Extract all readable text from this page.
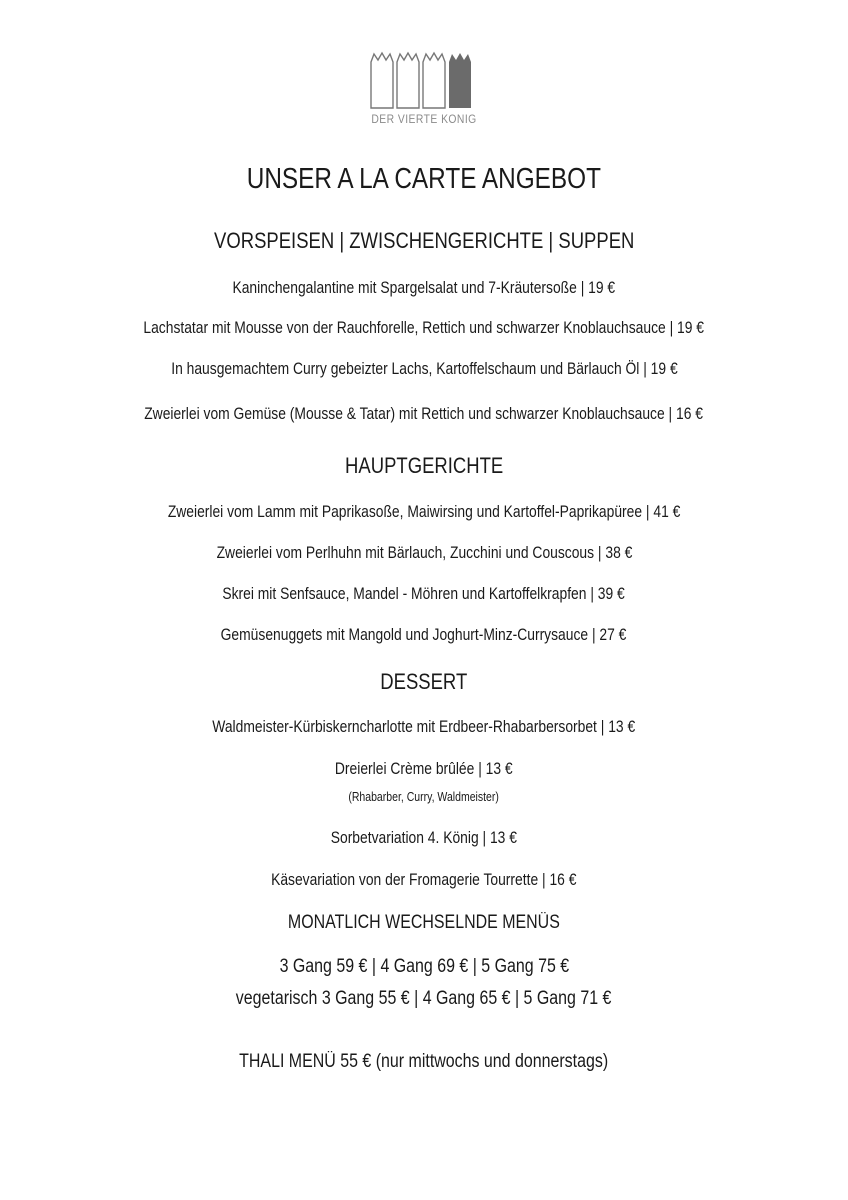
DER VIERTE KÖNIG
UNSER A LA CARTE ANGEBOT
VORSPEISEN | ZWISCHENGERICHTE | SUPPEN
Kaninchengalantine mit Spargelsalat und 7-Kräutersoße | 19 €
Lachstatar mit Mousse von der Rauchforelle, Rettich und schwarzer Knoblauchsauce | 19 €
In hausgemachtem Curry gebeizter Lachs, Kartoffelschaum und Bärlauch Öl | 19 €
Zweierlei vom Gemüse (Mousse & Tatar) mit Rettich und schwarzer Knoblauchsauce | 16 €
HAUPTGERICHTE
Zweierlei vom Lamm mit Paprikasoße, Maiwirsing und Kartoffel-Paprikapüree | 41 €
Zweierlei vom Perlhuhn mit Bärlauch, Zucchini und Couscous | 38 €
Skrei mit Senfsauce, Mandel - Möhren und Kartoffelkrapfen | 39 €
Gemüsenuggets mit Mangold und Joghurt-Minz-Currysauce | 27 €
DESSERT
Waldmeister-Kürbiskerncharlotte mit Erdbeer-Rhabarbersorbet | 13 €
Dreierlei Crème brûlée | 13 €
(Rhabarber, Curry, Waldmeister)
Sorbetvariation 4. König | 13 €
Käsevariation von der Fromagerie Tourrette | 16 €
MONATLICH WECHSELNDE MENÜS
3 Gang 59 € | 4 Gang 69 € | 5 Gang 75 €
vegetarisch 3 Gang 55 € | 4 Gang 65 € | 5 Gang 71 €
THALI MENÜ 55 € (nur mittwochs und donnerstags)
